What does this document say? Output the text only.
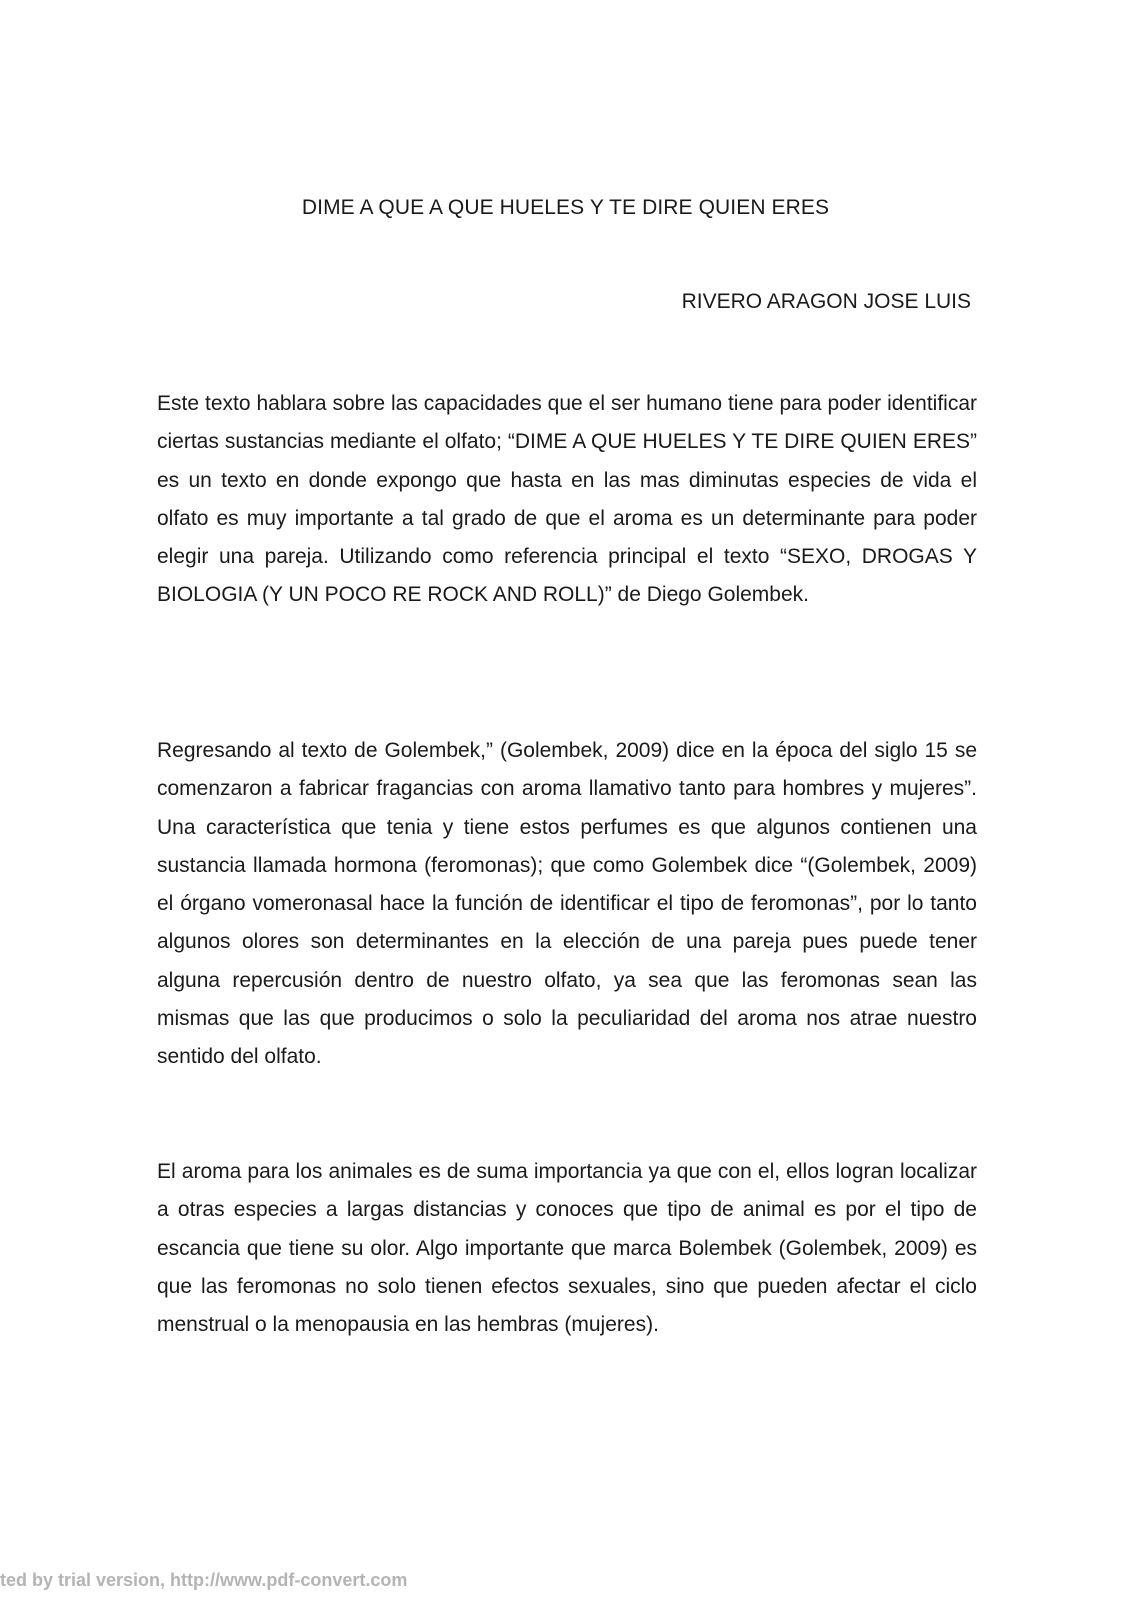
DIME A QUE A QUE HUELES Y TE DIRE QUIEN ERES

RIVERO ARAGON JOSE LUIS

Este texto hablara sobre las capacidades que el ser humano tiene para poder identificar ciertas sustancias mediante el olfato; “DIME A QUE HUELES Y TE DIRE QUIEN ERES” es un texto en donde expongo que hasta en las mas diminutas especies de vida el olfato es muy importante a tal grado de que el aroma es un determinante para poder elegir una pareja. Utilizando como referencia principal el texto “SEXO, DROGAS Y BIOLOGIA (Y UN POCO RE ROCK AND ROLL)” de Diego Golembek.

Regresando al texto de Golembek,” (Golembek, 2009) dice en la época del siglo 15 se comenzaron a fabricar fragancias con aroma llamativo tanto para hombres y mujeres”. Una característica que tenia y tiene estos perfumes es que algunos contienen una sustancia llamada hormona (feromonas); que como Golembek dice “(Golembek, 2009) el órgano vomeronasal hace la función de identificar el tipo de feromonas”, por lo tanto algunos olores son determinantes en la elección de una pareja pues puede tener alguna repercusión dentro de nuestro olfato, ya sea que las feromonas sean las mismas que las que producimos o solo la peculiaridad del aroma nos atrae nuestro sentido del olfato.

El aroma para los animales es de suma importancia ya que con el, ellos logran localizar a otras especies a largas distancias y conoces que tipo de animal es por el tipo de escancia que tiene su olor. Algo importante que marca Bolembek (Golembek, 2009) es que las feromonas no solo tienen efectos sexuales, sino que pueden afectar el ciclo menstrual o la menopausia en las hembras (mujeres).

ted by trial version, http://www.pdf-convert.com
